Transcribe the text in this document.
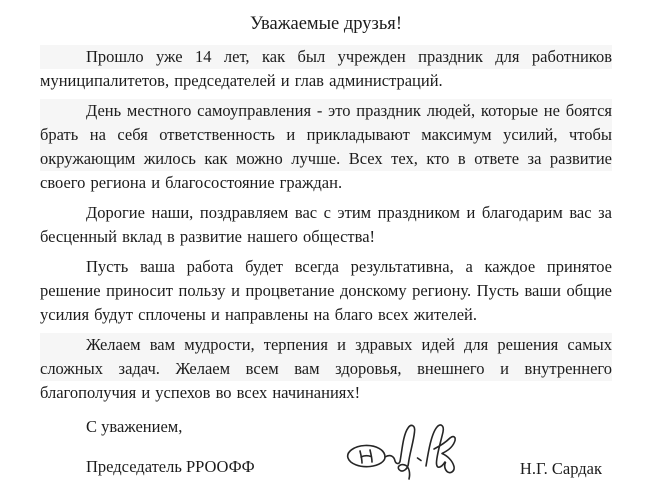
Уважаемые друзья!

Прошло уже 14 лет, как был учрежден праздник для работников муниципалитетов, председателей и глав администраций.

День местного самоуправления - это праздник людей, которые не боятся брать на себя ответственность и прикладывают максимум усилий, чтобы окружающим жилось как можно лучше. Всех тех, кто в ответе за развитие своего региона и благосостояние граждан.

Дорогие наши, поздравляем вас с этим праздником и благодарим вас за бесценный вклад в развитие нашего общества!

Пусть ваша работа будет всегда результативна, а каждое принятое решение приносит пользу и процветание донскому региону. Пусть ваши общие усилия будут сплочены и направлены на благо всех жителей.

Желаем вам мудрости, терпения и здравых идей для решения самых сложных задач. Желаем всем вам здоровья, внешнего и внутреннего благополучия и успехов во всех начинаниях!

С уважением,
Председатель РРООФФ	Н.Г. Сардак
